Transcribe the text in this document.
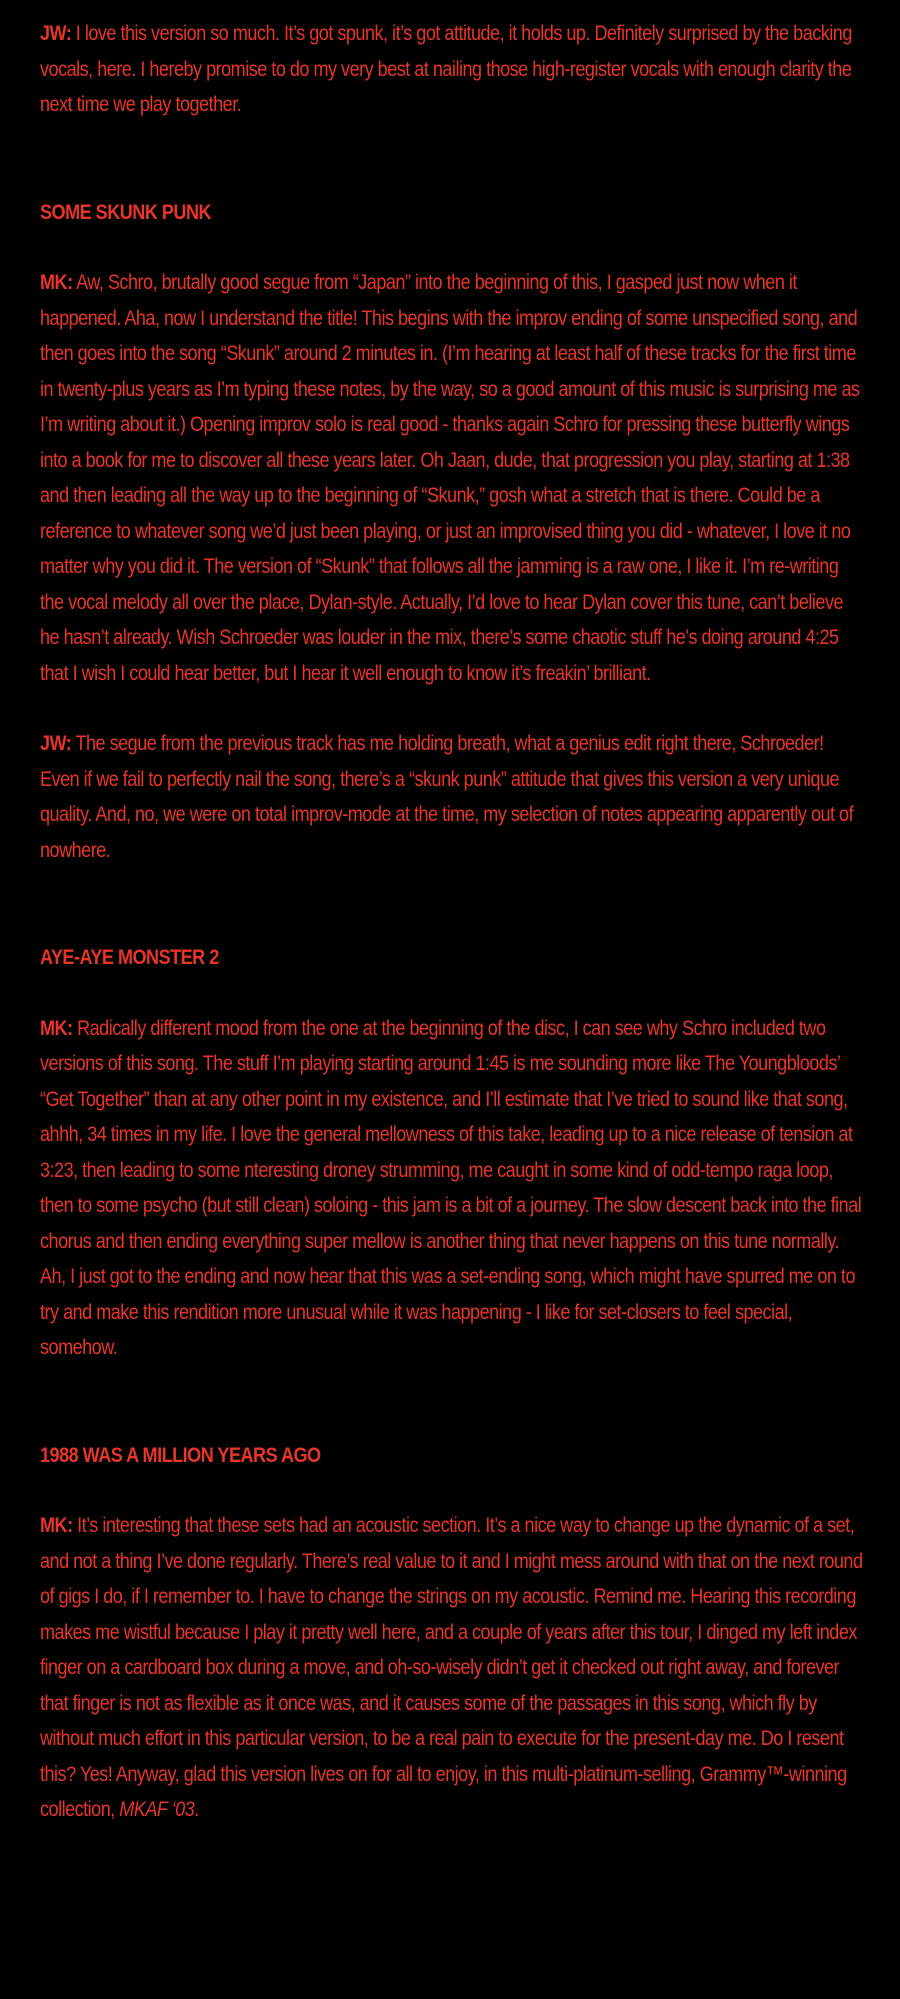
JW: I love this version so much. It’s got spunk, it’s got attitude, it holds up. Definitely surprised by the backing vocals, here. I hereby promise to do my very best at nailing those high-register vocals with enough clarity the next time we play together.

SOME SKUNK PUNK

MK: Aw, Schro, brutally good segue from “Japan” into the beginning of this, I gasped just now when it happened. Aha, now I understand the title! This begins with the improv ending of some unspecified song, and then goes into the song “Skunk” around 2 minutes in. (I’m hearing at least half of these tracks for the first time in twenty-plus years as I’m typing these notes, by the way, so a good amount of this music is surprising me as I’m writing about it.) Opening improv solo is real good - thanks again Schro for pressing these butterfly wings into a book for me to discover all these years later. Oh Jaan, dude, that progression you play, starting at 1:38 and then leading all the way up to the beginning of “Skunk,” gosh what a stretch that is there. Could be a reference to whatever song we’d just been playing, or just an improvised thing you did - whatever, I love it no matter why you did it. The version of “Skunk” that follows all the jamming is a raw one, I like it. I’m re-writing the vocal melody all over the place, Dylan-style. Actually, I’d love to hear Dylan cover this tune, can’t believe he hasn’t already. Wish Schroeder was louder in the mix, there’s some chaotic stuff he’s doing around 4:25 that I wish I could hear better, but I hear it well enough to know it’s freakin’ brilliant.

JW: The segue from the previous track has me holding breath, what a genius edit right there, Schroeder! Even if we fail to perfectly nail the song, there’s a “skunk punk” attitude that gives this version a very unique quality. And, no, we were on total improv-mode at the time, my selection of notes appearing apparently out of nowhere.

AYE-AYE MONSTER 2

MK: Radically different mood from the one at the beginning of the disc, I can see why Schro included two versions of this song. The stuff I’m playing starting around 1:45 is me sounding more like The Youngbloods’ “Get Together” than at any other point in my existence, and I’ll estimate that I’ve tried to sound like that song, ahhh, 34 times in my life. I love the general mellowness of this take, leading up to a nice release of tension at 3:23, then leading to some nteresting droney strumming, me caught in some kind of odd-tempo raga loop, then to some psycho (but still clean) soloing - this jam is a bit of a journey. The slow descent back into the final chorus and then ending everything super mellow is another thing that never happens on this tune normally. Ah, I just got to the ending and now hear that this was a set-ending song, which might have spurred me on to try and make this rendition more unusual while it was happening - I like for set-closers to feel special, somehow.

1988 WAS A MILLION YEARS AGO

MK: It’s interesting that these sets had an acoustic section. It’s a nice way to change up the dynamic of a set, and not a thing I’ve done regularly. There’s real value to it and I might mess around with that on the next round of gigs I do, if I remember to. I have to change the strings on my acoustic. Remind me. Hearing this recording makes me wistful because I play it pretty well here, and a couple of years after this tour, I dinged my left index finger on a cardboard box during a move, and oh-so-wisely didn’t get it checked out right away, and forever that finger is not as flexible as it once was, and it causes some of the passages in this song, which fly by without much effort in this particular version, to be a real pain to execute for the present-day me. Do I resent this? Yes! Anyway, glad this version lives on for all to enjoy, in this multi-platinum-selling, Grammy™-winning collection, MKAF ‘03.
